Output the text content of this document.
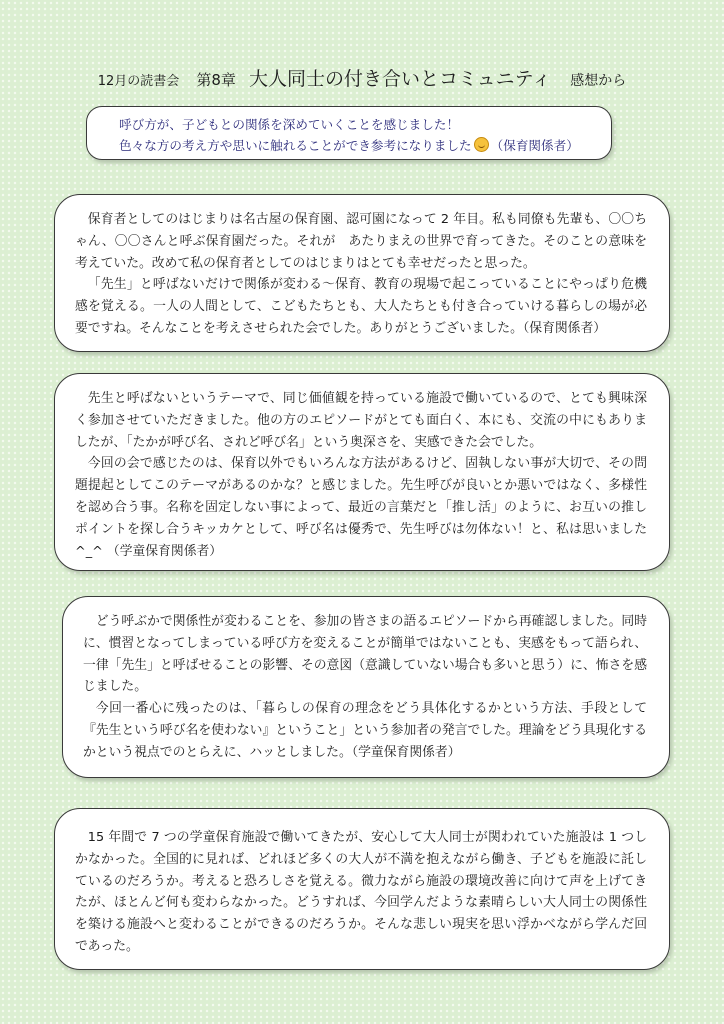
12月の読書会 第8章 大人同士の付き合いとコミュニティ 感想から
呼び方が、子どもとの関係を深めていくことを感じました！
色々な方の考え方や思いに触れることができ参考になりました （保育関係者）

保育者としてのはじまりは名古屋の保育園、認可園になって 2 年目。私も同僚も先輩も、〇〇ちゃん、〇〇さんと呼ぶ保育園だった。それが　あたりまえの世界で育ってきた。そのことの意味を考えていた。改めて私の保育者としてのはじまりはとても幸せだったと思った。

「先生」と呼ばないだけで関係が変わる～保育、教育の現場で起こっていることにやっぱり危機感を覚える。一人の人間として、こどもたちとも、大人たちとも付き合っていける暮らしの場が必要ですね。そんなことを考えさせられた会でした。ありがとうございました。（保育関係者）

先生と呼ばないというテーマで、同じ価値観を持っている施設で働いているので、とても興味深く参加させていただきました。他の方のエピソードがとても面白く、本にも、交流の中にもありましたが、「たかが呼び名、されど呼び名」という奥深さを、実感できた会でした。

今回の会で感じたのは、保育以外でもいろんな方法があるけど、固執しない事が大切で、その問題提起としてこのテーマがあるのかな？と感じました。先生呼びが良いとか悪いではなく、多様性を認め合う事。名称を固定しない事によって、最近の言葉だと「推し活」のように、お互いの推しポイントを探し合うキッカケとして、呼び名は優秀で、先生呼びは勿体ない！と、私は思いました ^_^ （学童保育関係者）

どう呼ぶかで関係性が変わることを、参加の皆さまの語るエピソードから再確認しました。同時に、慣習となってしまっている呼び方を変えることが簡単ではないことも、実感をもって語られ、一律「先生」と呼ばせることの影響、その意図（意識していない場合も多いと思う）に、怖さを感じました。

今回一番心に残ったのは、「暮らしの保育の理念をどう具体化するかという方法、手段として『先生という呼び名を使わない』ということ」という参加者の発言でした。理論をどう具現化するかという視点でのとらえに、ハッとしました。（学童保育関係者）

15 年間で 7 つの学童保育施設で働いてきたが、安心して大人同士が関われていた施設は 1 つしかなかった。全国的に見れば、どれほど多くの大人が不満を抱えながら働き、子どもを施設に託しているのだろうか。考えると恐ろしさを覚える。微力ながら施設の環境改善に向けて声を上げてきたが、ほとんど何も変わらなかった。どうすれば、今回学んだような素晴らしい大人同士の関係性を築ける施設へと変わることができるのだろうか。そんな悲しい現実を思い浮かべながら学んだ回であった。
